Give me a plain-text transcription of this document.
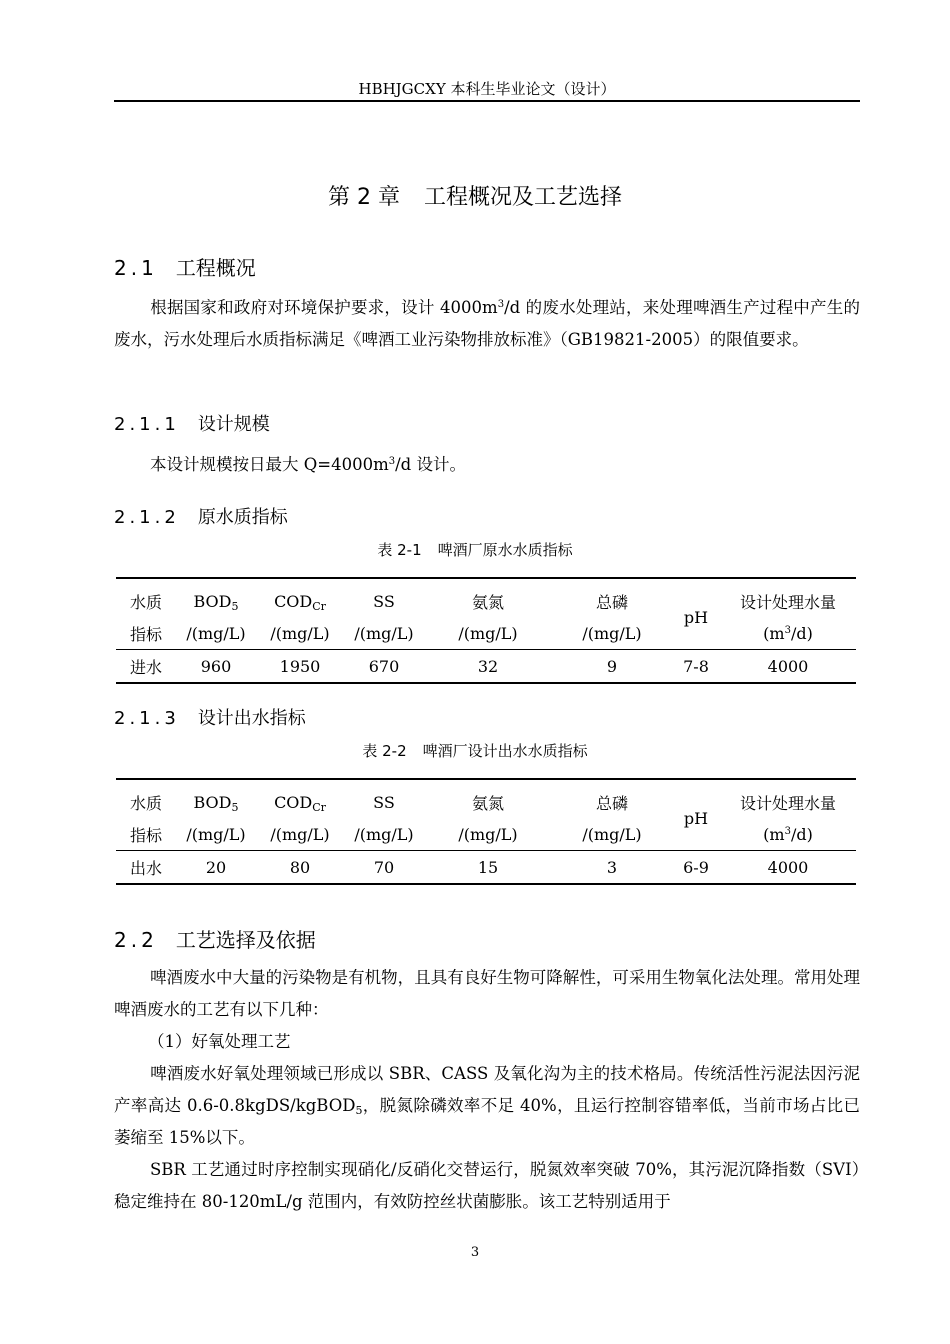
HBHJGCXY 本科生毕业论文（设计）
第 2 章 工程概况及工艺选择
2.1 工程概况
根据国家和政府对环境保护要求，设计 $4000m^3/d$ 的废水处理站，来处理啤酒生产过程中产生的废水，污水处理后水质指标满足《啤酒工业污染物排放标准》（GB19821-2005）的限值要求。
2.1.1 设计规模
本设计规模按日最大 $Q=4000m^3/d$ 设计。
2.1.2 原水质指标
表 2-1 啤酒厂原水水质指标
水质	$BOD_5$	$COD_{Cr}$	SS	氨氮	总磷	pH	设计处理水量
指标	/(mg/L)	/(mg/L)	/(mg/L)	/(mg/L)	/(mg/L)		$(m^3/d)$
进水	960	1950	670	32	9	7-8	4000
2.1.3 设计出水指标
表 2-2 啤酒厂设计出水水质指标
水质	$BOD_5$	$COD_{Cr}$	SS	氨氮	总磷	pH	设计处理水量
指标	/(mg/L)	/(mg/L)	/(mg/L)	/(mg/L)	/(mg/L)		$(m^3/d)$
出水	20	80	70	15	3	6-9	4000
2.2 工艺选择及依据
啤酒废水中大量的污染物是有机物，且具有良好生物可降解性，可采用生物氧化法处理。常用处理啤酒废水的工艺有以下几种：
（1）好氧处理工艺
啤酒废水好氧处理领域已形成以 SBR、CASS 及氧化沟为主的技术格局。传统活性污泥法因污泥产率高达 0.6-0.8kgDS/kgBOD$_5$，脱氮除磷效率不足 40%，且运行控制容错率低，当前市场占比已萎缩至 15%以下。
SBR 工艺通过时序控制实现硝化/反硝化交替运行，脱氮效率突破 70%，其污泥沉降指数（SVI）稳定维持在 80-120mL/g 范围内，有效防控丝状菌膨胀。该工艺特别适用于
3
